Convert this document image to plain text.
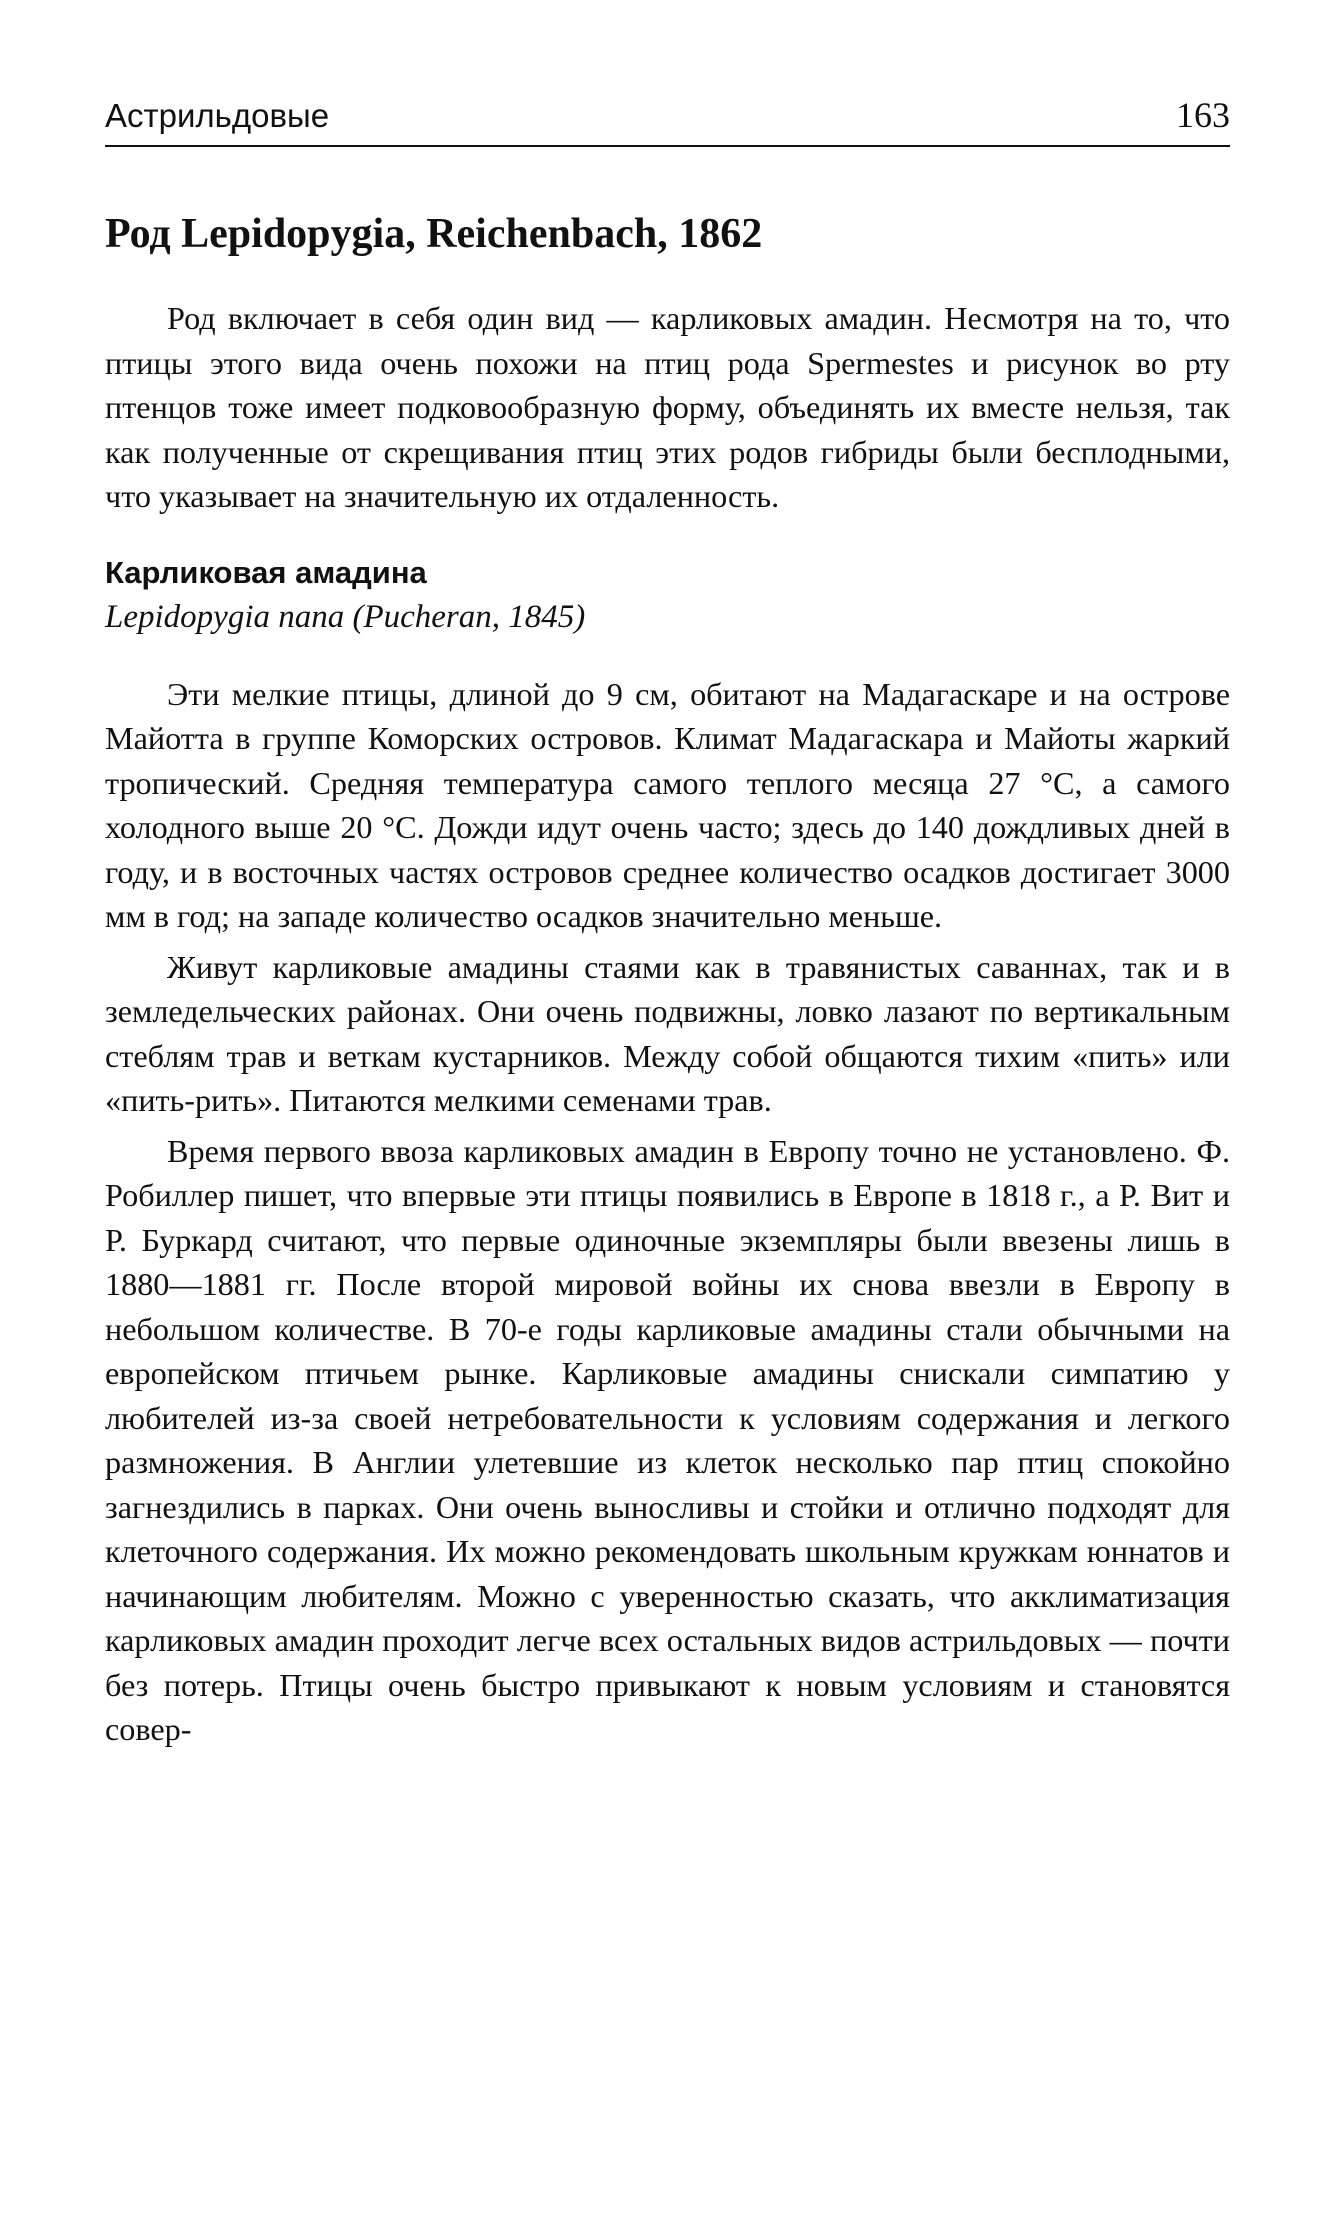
Астрильдовые	163
Род Lepidopygia, Reichenbach, 1862

Род включает в себя один вид — карликовых амадин. Несмотря на то, что птицы этого вида очень похожи на птиц рода Spermestes и рисунок во рту птенцов тоже имеет подковообразную форму, объединять их вместе нельзя, так как полученные от скрещивания птиц этих родов гибриды были бесплодными, что указывает на значительную их отдаленность.

Карликовая амадина
Lepidopygia nana (Pucheran, 1845)

Эти мелкие птицы, длиной до 9 см, обитают на Мадагаскаре и на острове Майотта в группе Коморских островов. Климат Мадагаскара и Майоты жаркий тропический. Средняя температура самого теплого месяца 27 °C, а самого холодного выше 20 °C. Дожди идут очень часто; здесь до 140 дождливых дней в году, и в восточных частях островов среднее количество осадков достигает 3000 мм в год; на западе количество осадков значительно меньше.

Живут карликовые амадины стаями как в травянистых саваннах, так и в земледельческих районах. Они очень подвижны, ловко лазают по вертикальным стеблям трав и веткам кустарников. Между собой общаются тихим «пить» или «пить-рить». Питаются мелкими семенами трав.

Время первого ввоза карликовых амадин в Европу точно не установлено. Ф. Робиллер пишет, что впервые эти птицы появились в Европе в 1818 г., а Р. Вит и Р. Буркард считают, что первые одиночные экземпляры были ввезены лишь в 1880—1881 гг. После второй мировой войны их снова ввезли в Европу в небольшом количестве. В 70-е годы карликовые амадины стали обычными на европейском птичьем рынке. Карликовые амадины снискали симпатию у любителей из-за своей нетребовательности к условиям содержания и легкого размножения. В Англии улетевшие из клеток несколько пар птиц спокойно загнездились в парках. Они очень выносливы и стойки и отлично подходят для клеточного содержания. Их можно рекомендовать школьным кружкам юннатов и начинающим любителям. Можно с уверенностью сказать, что акклиматизация карликовых амадин проходит легче всех остальных видов астрильдовых — почти без потерь. Птицы очень быстро привыкают к новым условиям и становятся совер-
